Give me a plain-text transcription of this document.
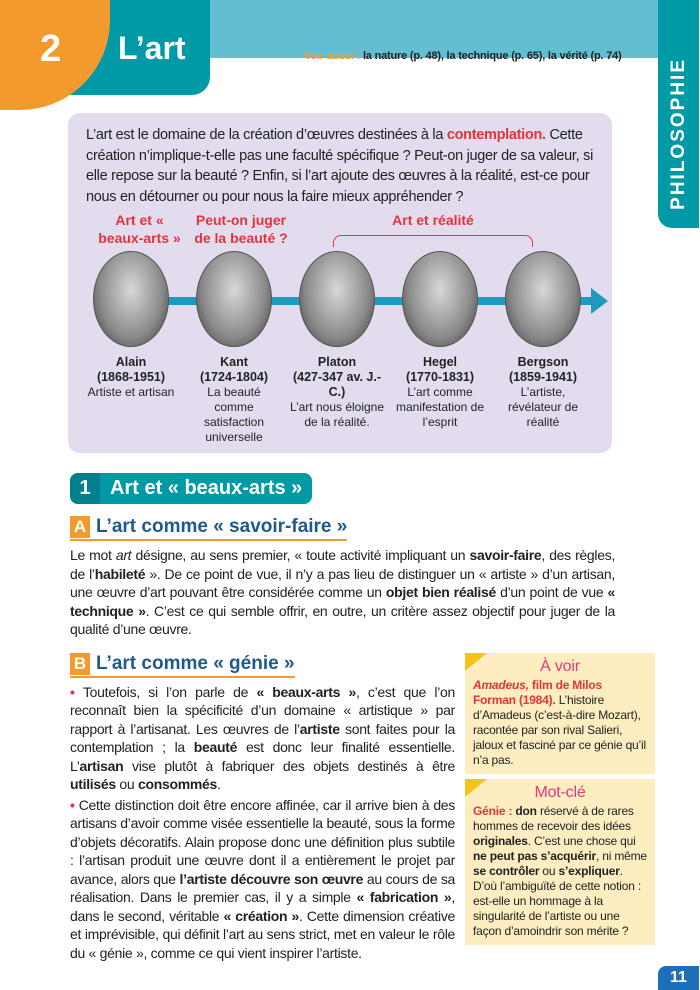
2 L’art	Voir aussi : la nature (p. 48), la technique (p. 65), la vérité (p. 74)
PHILOSOPHIE

L’art est le domaine de la création d’œuvres destinées à la contemplation. Cette création n’implique-t-elle pas une faculté spécifique ? Peut-on juger de sa valeur, si elle repose sur la beauté ? Enfin, si l’art ajoute des œuvres à la réalité, est-ce pour nous en détourner ou pour nous la faire mieux appréhender ?

Art et « beaux-arts »
Peut-on juger de la beauté ?
Art et réalité
Alain
(1868-1951)
Artiste et artisan
Kant
(1724-1804)
La beauté comme satisfaction universelle
Platon
(427-347 av. J.-C.)
L’art nous éloigne de la réalité.
Hegel
(1770-1831)
L’art comme manifestation de l’esprit
Bergson
(1859-1941)
L’artiste, révélateur de réalité
1 Art et « beaux-arts »
A L’art comme « savoir-faire »
Le mot art désigne, au sens premier, « toute activité impliquant un savoir-faire, des règles, de l’habileté ». De ce point de vue, il n’y a pas lieu de distinguer un « artiste » d’un artisan, une œuvre d’art pouvant être considérée comme un objet bien réalisé d’un point de vue « technique ». C’est ce qui semble offrir, en outre, un critère assez objectif pour juger de la qualité d’une œuvre.
B L’art comme « génie »
• Toutefois, si l’on parle de « beaux-arts », c’est que l’on reconnaît bien la spécificité d’un domaine « artistique » par rapport à l’artisanat. Les œuvres de l’artiste sont faites pour la contemplation ; la beauté est donc leur finalité essentielle. L’artisan vise plutôt à fabriquer des objets destinés à être utilisés ou consommés.
• Cette distinction doit être encore affinée, car il arrive bien à des artisans d’avoir comme visée essentielle la beauté, sous la forme d’objets décoratifs. Alain propose donc une définition plus subtile : l’artisan produit une œuvre dont il a entièrement le projet par avance, alors que l’artiste découvre son œuvre au cours de sa réalisation. Dans le premier cas, il y a simple « fabrication », dans le second, véritable « création ». Cette dimension créative et imprévisible, qui définit l’art au sens strict, met en valeur le rôle du « génie », comme ce qui vient inspirer l’artiste.
À voir
Amadeus, film de Milos Forman (1984). L’histoire d’Amadeus (c’est-à-dire Mozart), racontée par son rival Salieri, jaloux et fasciné par ce génie qu’il n’a pas.
Mot-clé
Génie : don réservé à de rares hommes de recevoir des idées originales. C’est une chose qui ne peut pas s’acquérir, ni même se contrôler ou s’expliquer. D’où l’ambiguïté de cette notion : est-elle un hommage à la singularité de l’artiste ou une façon d’amoindrir son mérite ?
11
